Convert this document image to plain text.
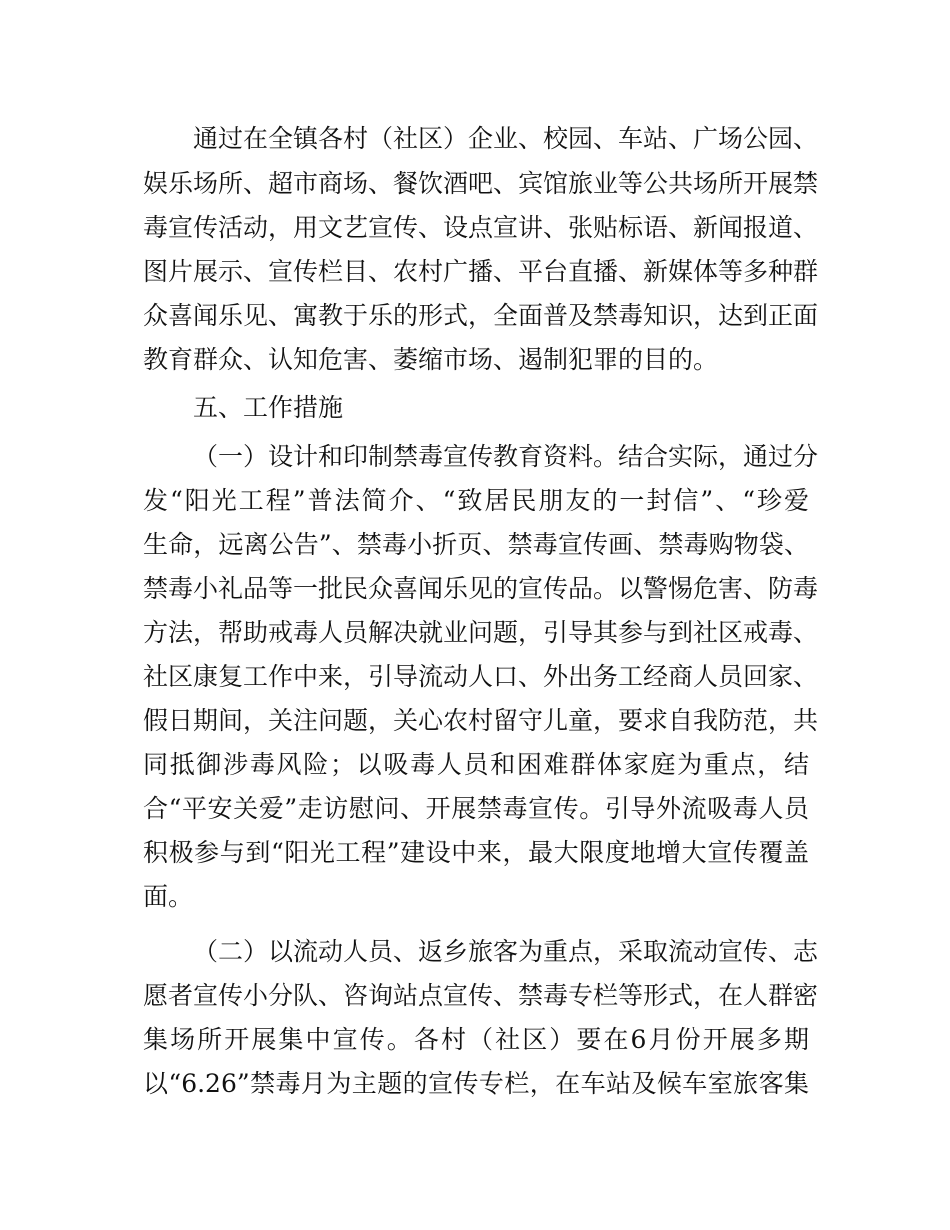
通过在全镇各村（社区）企业、校园、车站、广场公园、
娱乐场所、超市商场、餐饮酒吧、宾馆旅业等公共场所开展禁
毒宣传活动，用文艺宣传、设点宣讲、张贴标语、新闻报道、
图片展示、宣传栏目、农村广播、平台直播、新媒体等多种群
众喜闻乐见、寓教于乐的形式，全面普及禁毒知识，达到正面
教育群众、认知危害、萎缩市场、遏制犯罪的目的。
五、工作措施
（一）设计和印制禁毒宣传教育资料。结合实际，通过分
发“阳光工程”普法简介、“致居民朋友的一封信”、“珍爱
生命，远离公告”、禁毒小折页、禁毒宣传画、禁毒购物袋、
禁毒小礼品等一批民众喜闻乐见的宣传品。以警惕危害、防毒
方法，帮助戒毒人员解决就业问题，引导其参与到社区戒毒、
社区康复工作中来，引导流动人口、外出务工经商人员回家、
假日期间，关注问题，关心农村留守儿童，要求自我防范，共
同抵御涉毒风险；以吸毒人员和困难群体家庭为重点，结
合“平安关爱”走访慰问、开展禁毒宣传。引导外流吸毒人员
积极参与到“阳光工程”建设中来，最大限度地增大宣传覆盖
面。
（二）以流动人员、返乡旅客为重点，采取流动宣传、志
愿者宣传小分队、咨询站点宣传、禁毒专栏等形式，在人群密
集场所开展集中宣传。各村（社区）要在6月份开展多期
以“6.26”禁毒月为主题的宣传专栏，在车站及候车室旅客集
